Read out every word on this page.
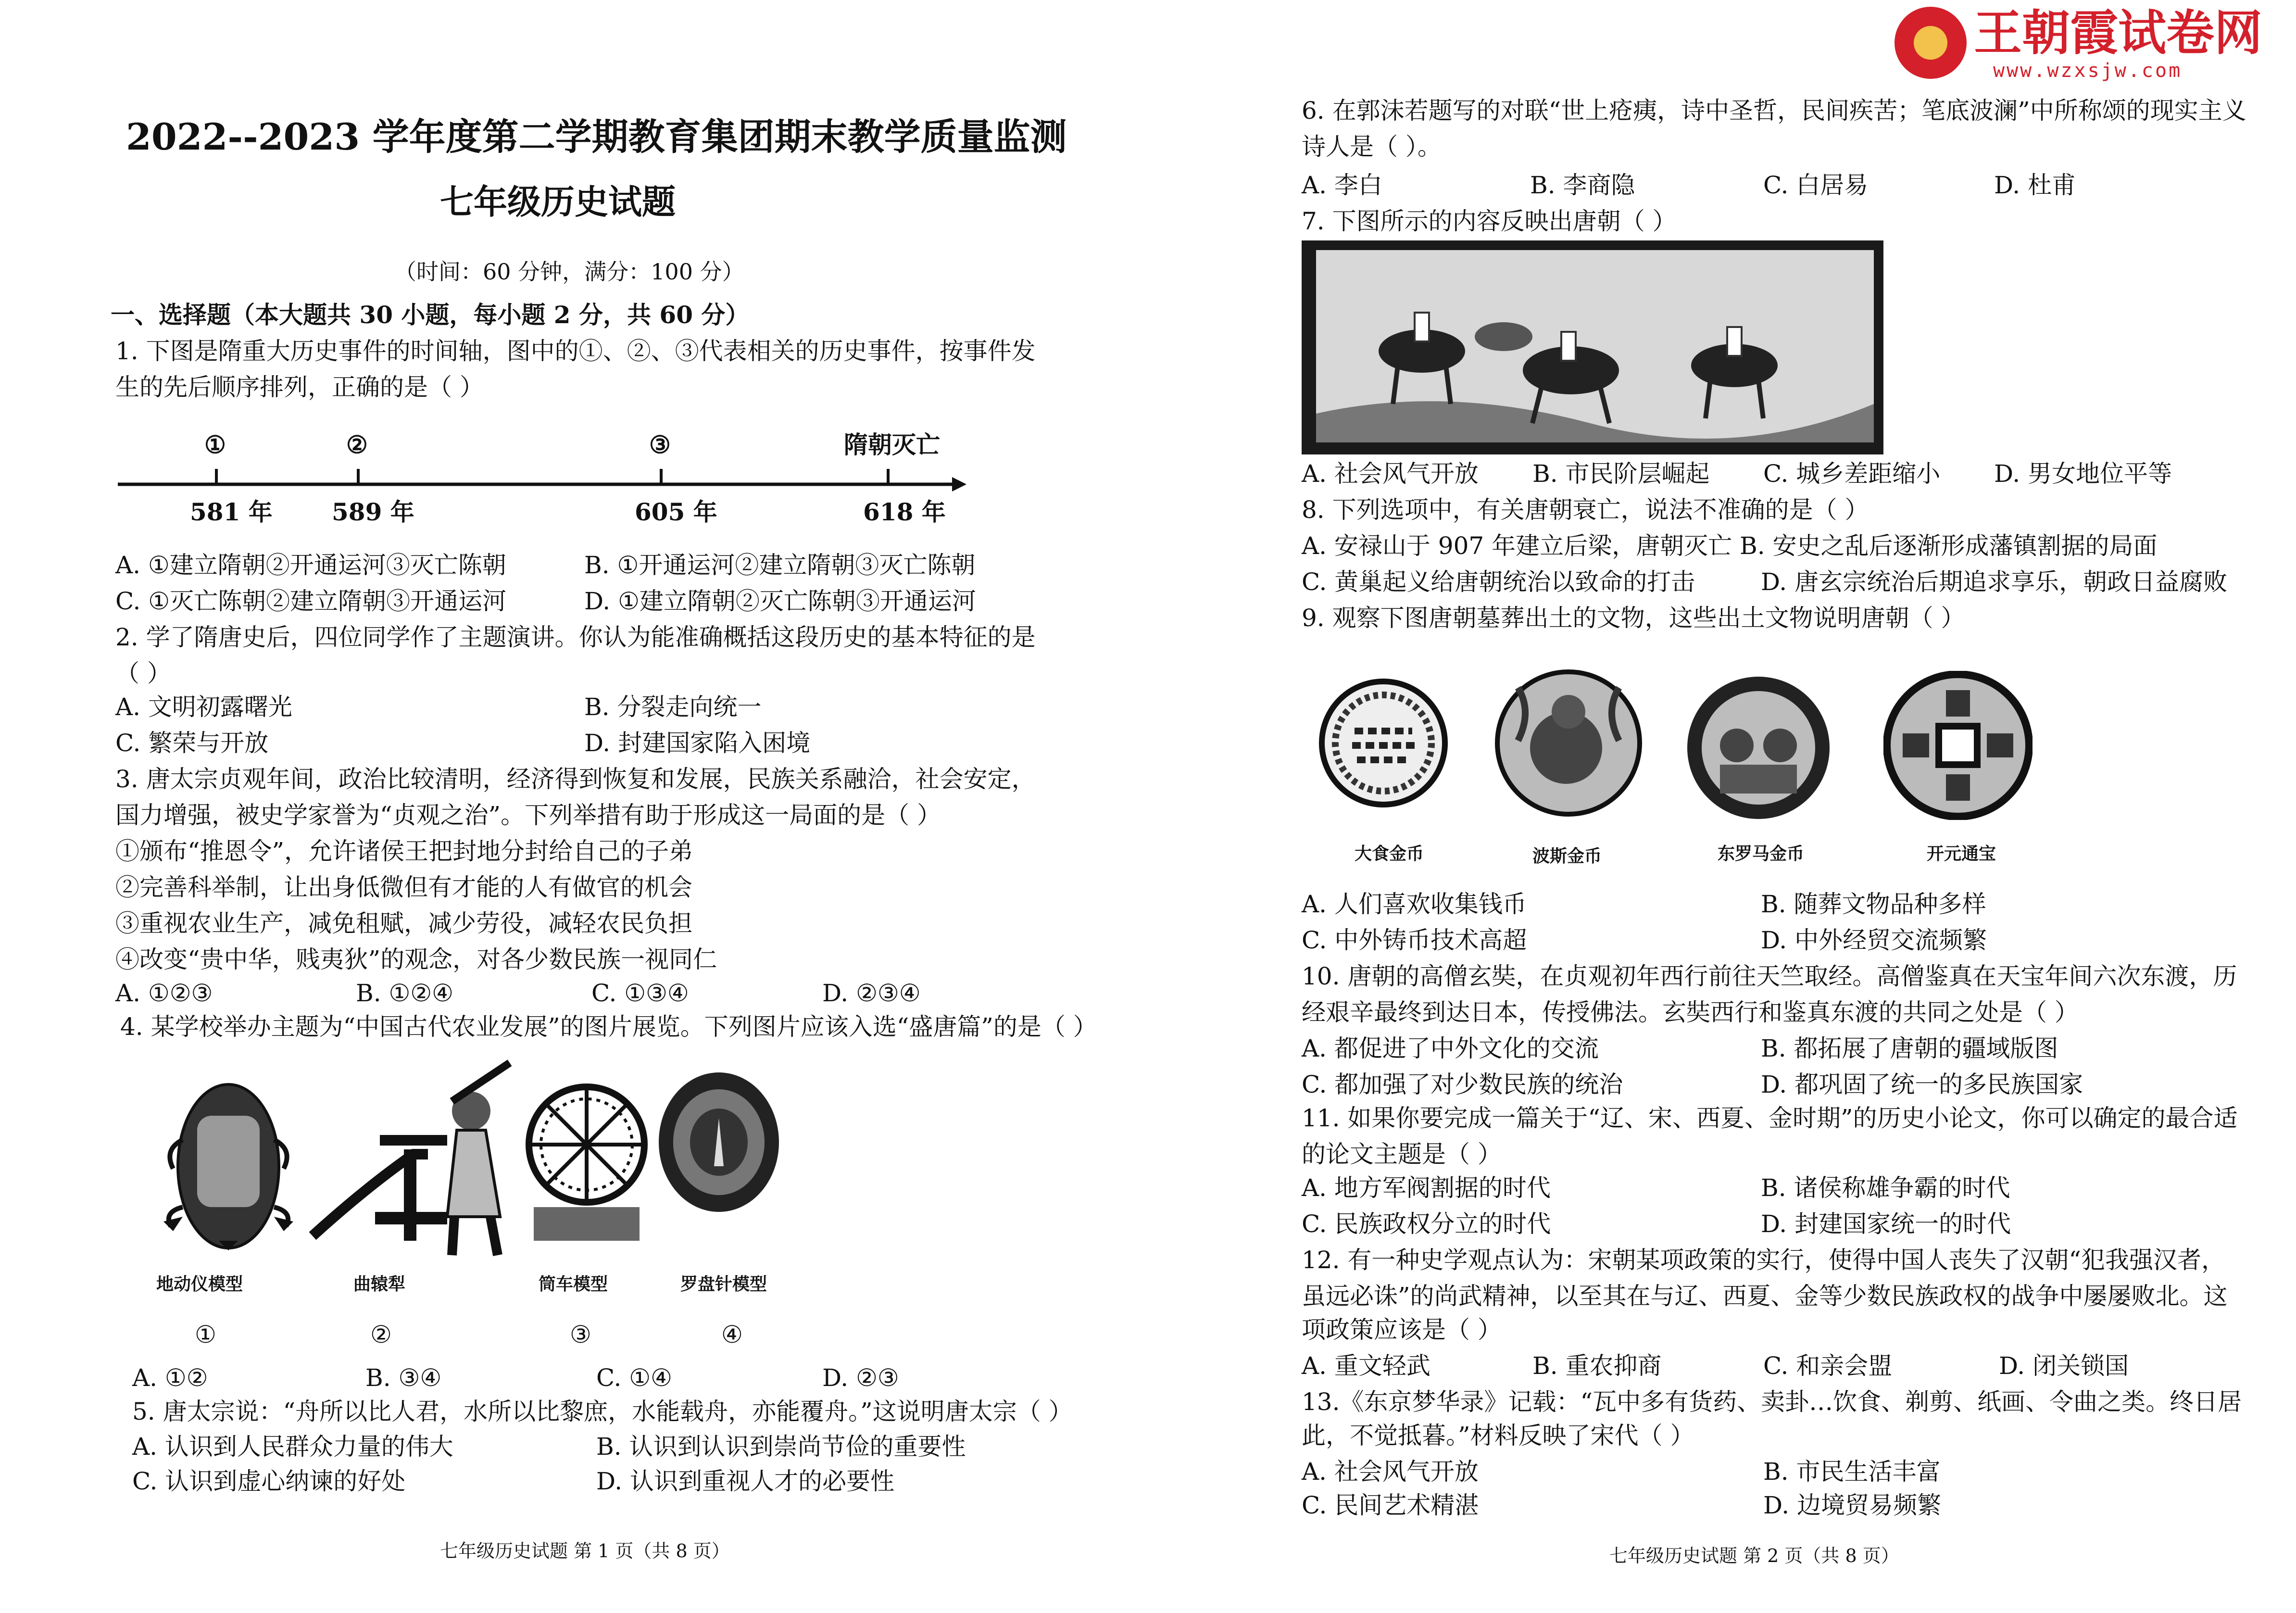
王朝霞试卷网
www.wzxsjw.com
2022--2023 学年度第二学期教育集团期末教学质量监测
七年级历史试题
（时间：60 分钟，满分：100 分）
一、选择题（本大题共 30 小题，每小题 2 分，共 60 分）
1. 下图是隋重大历史事件的时间轴，图中的①、②、③代表相关的历史事件，按事件发
生的先后顺序排列，正确的是（ ）
①	②	③	隋朝灭亡
581 年 589 年	605 年	618 年
A. ①建立隋朝②开通运河③灭亡陈朝	B. ①开通运河②建立隋朝③灭亡陈朝
C. ①灭亡陈朝②建立隋朝③开通运河	D. ①建立隋朝②灭亡陈朝③开通运河
2. 学了隋唐史后，四位同学作了主题演讲。你认为能准确概括这段历史的基本特征的是
（ ）
A. 文明初露曙光	B. 分裂走向统一
C. 繁荣与开放	D. 封建国家陷入困境
3. 唐太宗贞观年间，政治比较清明，经济得到恢复和发展，民族关系融洽，社会安定，
国力增强，被史学家誉为“贞观之治”。下列举措有助于形成这一局面的是（ ）
①颁布“推恩令”，允许诸侯王把封地分封给自己的子弟
②完善科举制，让出身低微但有才能的人有做官的机会
③重视农业生产，减免租赋，减少劳役，减轻农民负担
④改变“贵中华，贱夷狄”的观念，对各少数民族一视同仁
A. ①②③	B. ①②④	C. ①③④	D. ②③④
4. 某学校举办主题为“中国古代农业发展”的图片展览。下列图片应该入选“盛唐篇”的是（ ）
地动仪模型	曲辕犁	筒车模型	罗盘针模型
①	②	③	④
A. ①②	B. ③④	C. ①④	D. ②③
5. 唐太宗说：“舟所以比人君，水所以比黎庶，水能载舟，亦能覆舟。”这说明唐太宗（ ）
A. 认识到人民群众力量的伟大	B. 认识到认识到崇尚节俭的重要性
C. 认识到虚心纳谏的好处	D. 认识到重视人才的必要性
七年级历史试题 第 1 页（共 8 页）
6. 在郭沫若题写的对联“世上疮痍，诗中圣哲，民间疾苦；笔底波澜”中所称颂的现实主义
诗人是（ ）。
A. 李白	B. 李商隐	C. 白居易	D. 杜甫
7. 下图所示的内容反映出唐朝（ ）
A. 社会风气开放 B. 市民阶层崛起 C. 城乡差距缩小 D. 男女地位平等
8. 下列选项中，有关唐朝衰亡，说法不准确的是（ ）
A. 安禄山于 907 年建立后梁，唐朝灭亡 B. 安史之乱后逐渐形成藩镇割据的局面
C. 黄巢起义给唐朝统治以致命的打击	D. 唐玄宗统治后期追求享乐，朝政日益腐败
9. 观察下图唐朝墓葬出土的文物，这些出土文物说明唐朝（ ）
大食金币	波斯金币	东罗马金币	开元通宝
A. 人们喜欢收集钱币	B. 随葬文物品种多样
C. 中外铸币技术高超	D. 中外经贸交流频繁
10. 唐朝的高僧玄奘，在贞观初年西行前往天竺取经。高僧鉴真在天宝年间六次东渡，历
经艰辛最终到达日本，传授佛法。玄奘西行和鉴真东渡的共同之处是（ ）
A. 都促进了中外文化的交流	B. 都拓展了唐朝的疆域版图
C. 都加强了对少数民族的统治	D. 都巩固了统一的多民族国家
11. 如果你要完成一篇关于“辽、宋、西夏、金时期”的历史小论文，你可以确定的最合适
的论文主题是（ ）
A. 地方军阀割据的时代	B. 诸侯称雄争霸的时代
C. 民族政权分立的时代	D. 封建国家统一的时代
12. 有一种史学观点认为：宋朝某项政策的实行，使得中国人丧失了汉朝“犯我强汉者，
虽远必诛”的尚武精神，以至其在与辽、西夏、金等少数民族政权的战争中屡屡败北。这
项政策应该是（ ）
A. 重文轻武	B. 重农抑商	C. 和亲会盟	D. 闭关锁国
13.《东京梦华录》记载：“瓦中多有货药、卖卦…饮食、剃剪、纸画、令曲之类。终日居
此，不觉抵暮。”材料反映了宋代（ ）
A. 社会风气开放	B. 市民生活丰富
C. 民间艺术精湛	D. 边境贸易频繁
七年级历史试题 第 2 页（共 8 页）
